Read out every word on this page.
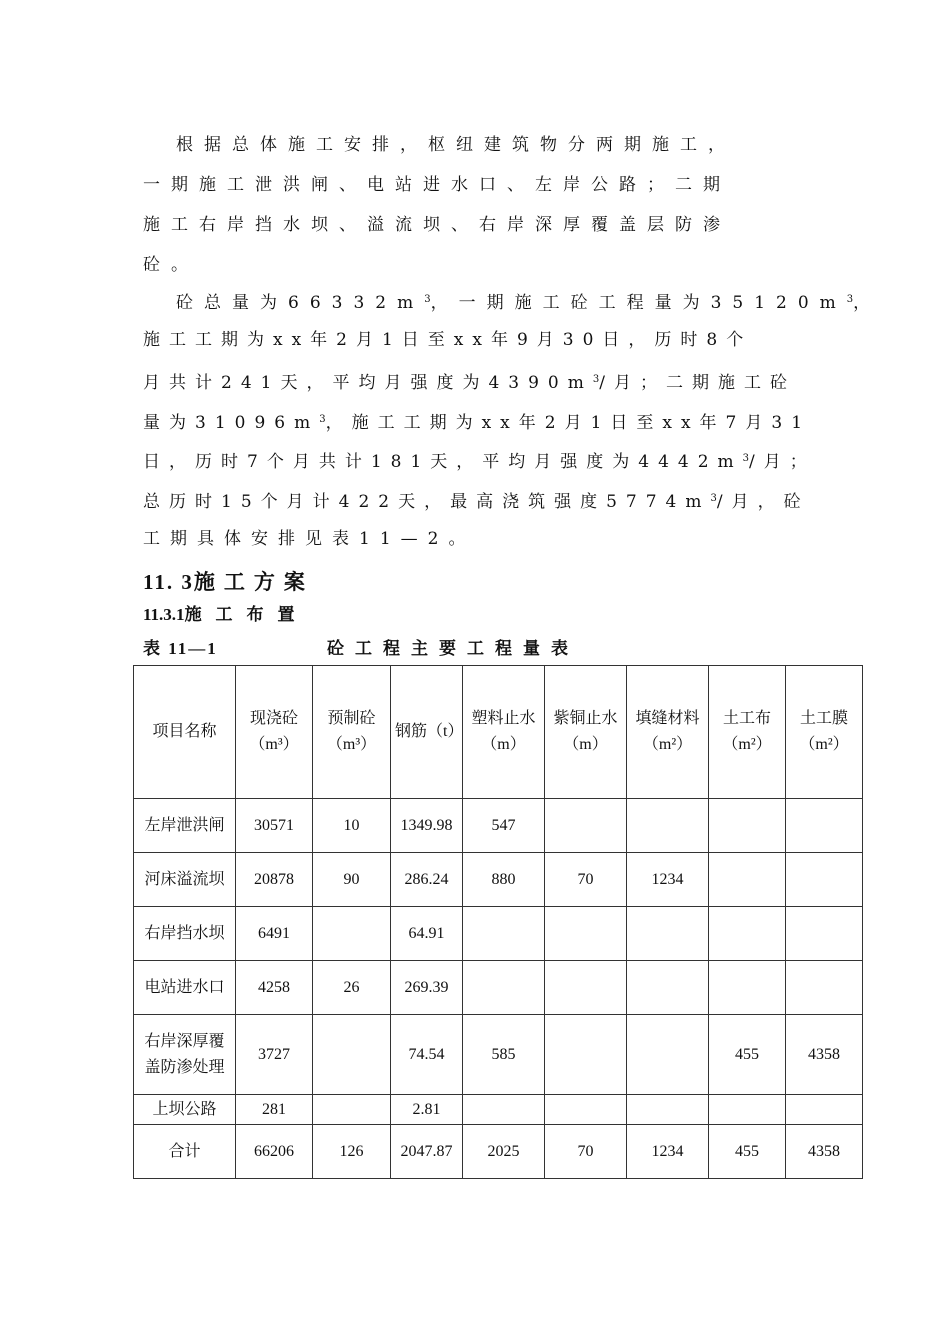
根据总体施工安排，枢纽建筑物分两期施工，
一期施工泄洪闸、电站进水口、左岸公路；二期
施工右岸挡水坝、溢流坝、右岸深厚覆盖层防渗
砼。
砼总量为$66332m^3$，一期施工砼工程量为$35120m^3$，
施工工期为xx年2月1日至xx年9月30日，历时8个
月共计241天，平均月强度为$4390m^3/$月；二期施工砼
量为$31096m^3$，施工工期为xx年2月1日至xx年7月31
日，历时7个月共计181天，平均月强度为$4442m^3/$月；
总历时15个月计422天，最高浇筑强度$5774m^3/$月，砼
工期具体安排见表11—2。
11. 3施工方案
11.3.1施工布置
表 11—1	砼工程主要工程量表
项目名称	现浇砼（m³）	预制砼（m³）	钢筋（t）	塑料止水（m）	紫铜止水（m）	填缝材料（m²）	土工布（m²）	土工膜（m²）
左岸泄洪闸	30571	10	1349.98	547				
河床溢流坝	20878	90	286.24	880	70	1234		
右岸挡水坝	6491		64.91					
电站进水口	4258	26	269.39					
右岸深厚覆盖防渗处理	3727		74.54	585			455	4358
上坝公路	281		2.81					
合计	66206	126	2047.87	2025	70	1234	455	4358
